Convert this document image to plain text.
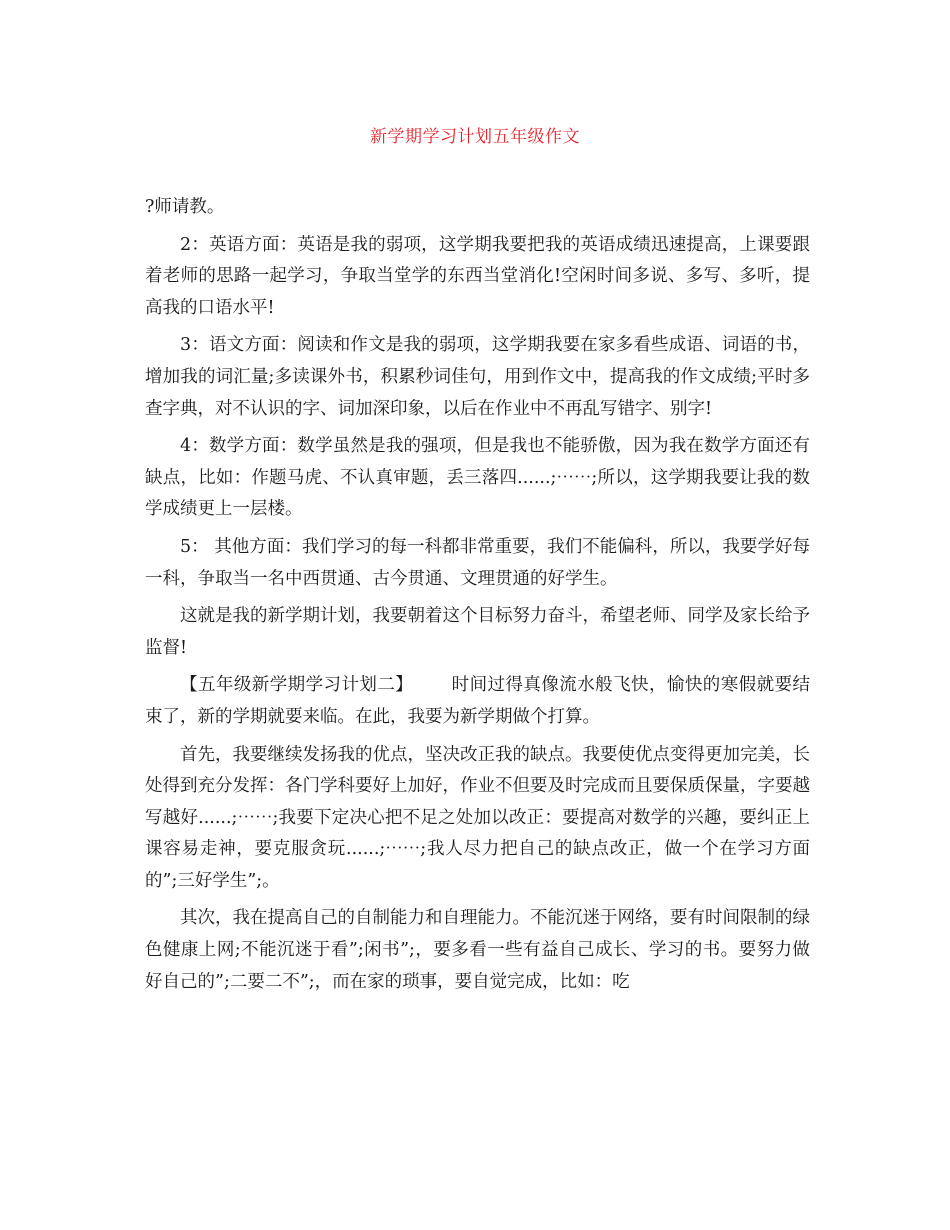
新学期学习计划五年级作文

?师请教。

2：英语方面：英语是我的弱项，这学期我要把我的英语成绩迅速提高，上课要跟着老师的思路一起学习，争取当堂学的东西当堂消化!空闲时间多说、多写、多听，提高我的口语水平!

3：语文方面：阅读和作文是我的弱项，这学期我要在家多看些成语、词语的书，增加我的词汇量;多读课外书，积累秒词佳句，用到作文中，提高我的作文成绩;平时多查字典，对不认识的字、词加深印象，以后在作业中不再乱写错字、别字!

4：数学方面：数学虽然是我的强项，但是我也不能骄傲，因为我在数学方面还有缺点，比如：作题马虎、不认真审题，丢三落四......;⋯⋯;所以，这学期我要让我的数学成绩更上一层楼。

5： 其他方面：我们学习的每一科都非常重要，我们不能偏科，所以，我要学好每一科，争取当一名中西贯通、古今贯通、文理贯通的好学生。

这就是我的新学期计划，我要朝着这个目标努力奋斗，希望老师、同学及家长给予监督!

【五年级新学期学习计划二】 时间过得真像流水般飞快，愉快的寒假就要结束了，新的学期就要来临。在此，我要为新学期做个打算。

首先，我要继续发扬我的优点，坚决改正我的缺点。我要使优点变得更加完美，长处得到充分发挥：各门学科要好上加好，作业不但要及时完成而且要保质保量，字要越写越好......;⋯⋯;我要下定决心把不足之处加以改正：要提高对数学的兴趣，要纠正上课容易走神，要克服贪玩......;⋯⋯;我人尽力把自己的缺点改正，做一个在学习方面的”;三好学生”;。

其次，我在提高自己的自制能力和自理能力。不能沉迷于网络，要有时间限制的绿色健康上网;不能沉迷于看”;闲书”;，要多看一些有益自己成长、学习的书。要努力做好自己的”;二要二不”;，而在家的琐事，要自觉完成，比如：吃
